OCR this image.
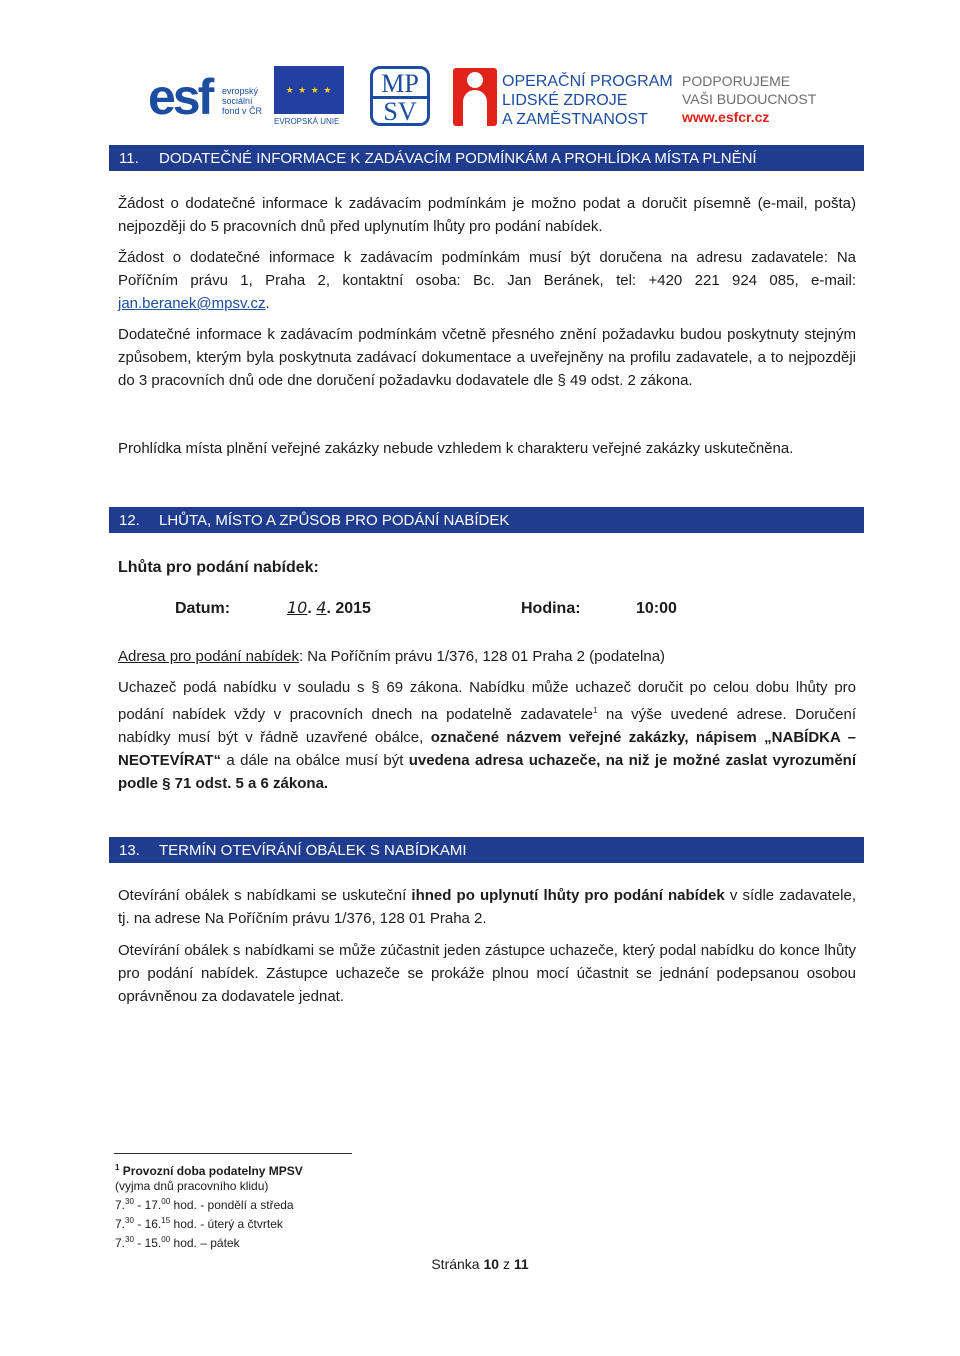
esf	evropský
sociální
fond v ČR
★ ★ ★ ★
EVROPSKÁ UNIE
MP
SV
OPERAČNÍ PROGRAM
LIDSKÉ ZDROJE
A ZAMĚSTNANOST
PODPORUJEME
VAŠI BUDOUCNOST
www.esfcr.cz
11. DODATEČNÉ INFORMACE K ZADÁVACÍM PODMÍNKÁM A PROHLÍDKA MÍSTA PLNĚNÍ
Žádost o dodatečné informace k zadávacím podmínkám je možno podat a doručit písemně (e-mail, pošta) nejpozději do 5 pracovních dnů před uplynutím lhůty pro podání nabídek.
Žádost o dodatečné informace k zadávacím podmínkám musí být doručena na adresu zadavatele: Na Poříčním právu 1, Praha 2, kontaktní osoba: Bc. Jan Beránek, tel: +420 221 924 085, e-mail: jan.beranek@mpsv.cz.
Dodatečné informace k zadávacím podmínkám včetně přesného znění požadavku budou poskytnuty stejným způsobem, kterým byla poskytnuta zadávací dokumentace a uveřejněny na profilu zadavatele, a to nejpozději do 3 pracovních dnů ode dne doručení požadavku dodavatele dle § 49 odst. 2 zákona.
Prohlídka místa plnění veřejné zakázky nebude vzhledem k charakteru veřejné zakázky uskutečněna.
12. LHŮTA, MÍSTO A ZPŮSOB PRO PODÁNÍ NABÍDEK
Lhůta pro podání nabídek:
Datum:	10. 4. 2015	Hodina:	10:00
Adresa pro podání nabídek: Na Poříčním právu 1/376, 128 01 Praha 2 (podatelna)
Uchazeč podá nabídku v souladu s § 69 zákona. Nabídku může uchazeč doručit po celou dobu lhůty pro podání nabídek vždy v pracovních dnech na podatelně zadavatele$^1$ na výše uvedené adrese. Doručení nabídky musí být v řádně uzavřené obálce, označené názvem veřejné zakázky, nápisem „NABÍDKA – NEOTEVÍRAT“ a dále na obálce musí být uvedena adresa uchazeče, na niž je možné zaslat vyrozumění podle § 71 odst. 5 a 6 zákona.
13. TERMÍN OTEVÍRÁNÍ OBÁLEK S NABÍDKAMI
Otevírání obálek s nabídkami se uskuteční ihned po uplynutí lhůty pro podání nabídek v sídle zadavatele, tj. na adrese Na Poříčním právu 1/376, 128 01 Praha 2.
Otevírání obálek s nabídkami se může zúčastnit jeden zástupce uchazeče, který podal nabídku do konce lhůty pro podání nabídek. Zástupce uchazeče se prokáže plnou mocí účastnit se jednání podepsanou osobou oprávněnou za dodavatele jednat.
$^1$ Provozní doba podatelny MPSV
(vyjma dnů pracovního klidu)
7.30 - 17.00 hod. - pondělí a středa
7.30 - 16.15 hod. - úterý a čtvrtek
7.30 - 15.00 hod. – pátek
Stránka 10 z 11
